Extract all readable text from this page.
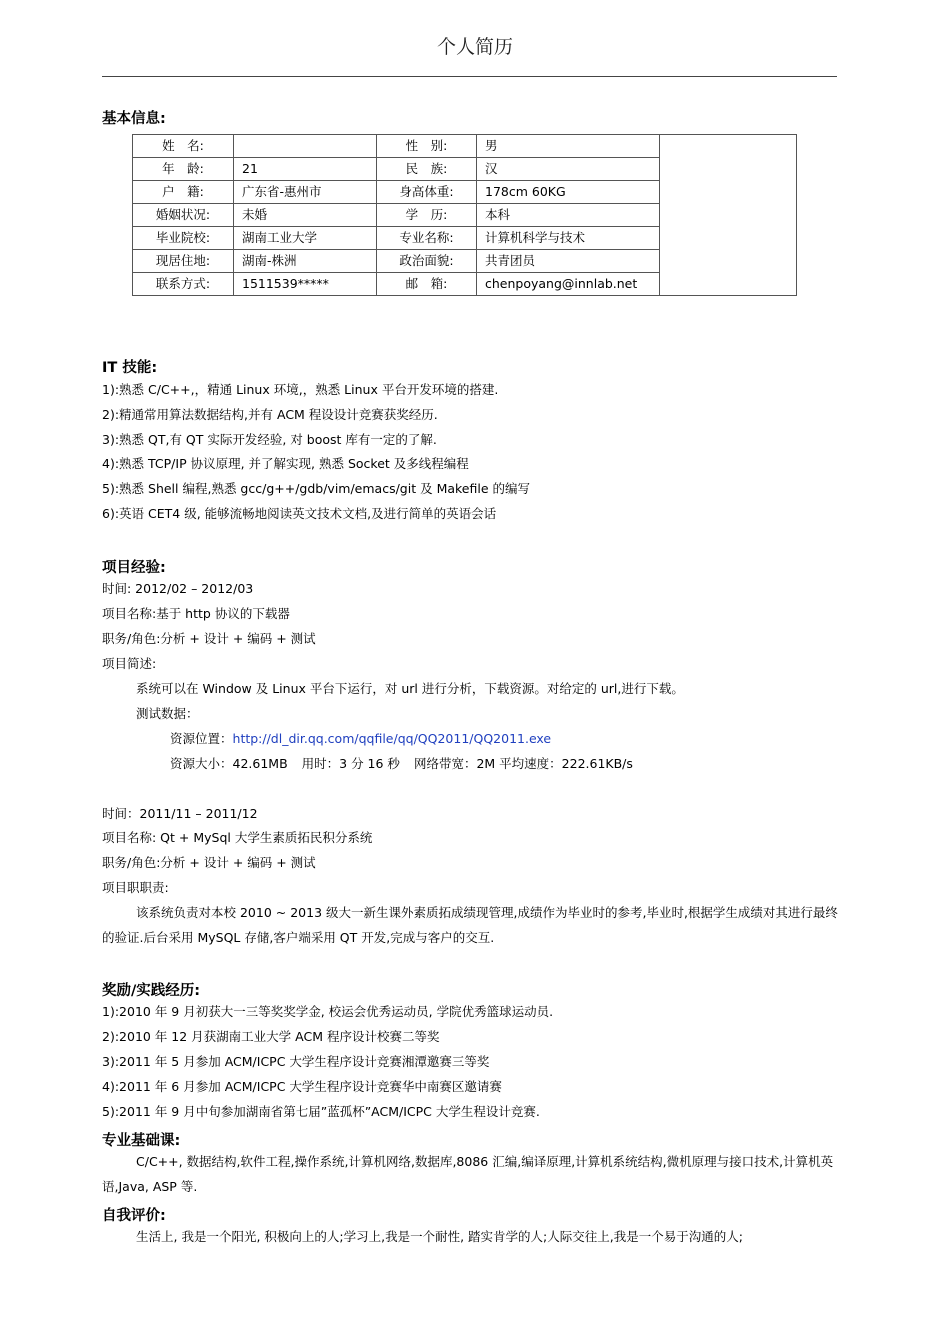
个人简历
基本信息:
姓　名:		性　别:	男	
年　龄:	21	民　族:	汉	
户　籍:	广东省-惠州市	身高体重:	178cm 60KG	
婚姻状况:	未婚	学　历:	本科	
毕业院校:	湖南工业大学	专业名称:	计算机科学与技术	
现居住地:	湖南-株洲	政治面貌:	共青团员	
联系方式:	1511539*****	邮　箱:	chenpoyang@innlab.net	
IT 技能:
1):熟悉 C/C++,，精通 Linux 环境,，熟悉 Linux 平台开发环境的搭建.
2):精通常用算法数据结构,并有 ACM 程设设计竞赛获奖经历.
3):熟悉 QT,有 QT 实际开发经验, 对 boost 库有一定的了解.
4):熟悉 TCP/IP 协议原理, 并了解实现, 熟悉 Socket 及多线程编程
5):熟悉 Shell 编程,熟悉 gcc/g++/gdb/vim/emacs/git 及 Makefile 的编写
6):英语 CET4 级, 能够流畅地阅读英文技术文档,及进行简单的英语会话
项目经验:
时间: 2012/02 – 2012/03
项目名称:基于 http 协议的下载器
职务/角色:分析 + 设计 + 编码 + 测试
项目简述:
系统可以在 Window 及 Linux 平台下运行，对 url 进行分析，下载资源。对给定的 url,进行下载。
测试数据：
资源位置：http://dl_dir.qq.com/qqfile/qq/QQ2011/QQ2011.exe
资源大小：42.61MB 用时：3 分 16 秒 网络带宽：2M 平均速度：222.61KB/s
时间：2011/11 – 2011/12
项目名称: Qt + MySql 大学生素质拓民积分系统
职务/角色:分析 + 设计 + 编码 + 测试
项目职职责:
该系统负责对本校 2010 ~ 2013 级大一新生课外素质拓成绩现管理,成绩作为毕业时的参考,毕业时,根据学生成绩对其进行最终的验证.后台采用 MySQL 存储,客户端采用 QT 开发,完成与客户的交互.
奖励/实践经历:
1):2010 年 9 月初获大一三等奖奖学金, 校运会优秀运动员, 学院优秀篮球运动员.
2):2010 年 12 月获湖南工业大学 ACM 程序设计校赛二等奖
3):2011 年 5 月参加 ACM/ICPC 大学生程序设计竞赛湘潭邀赛三等奖
4):2011 年 6 月参加 ACM/ICPC 大学生程序设计竞赛华中南赛区邀请赛
5):2011 年 9 月中旬参加湖南省第七届”蓝孤杯”ACM/ICPC 大学生程设计竞赛.
专业基础课:
C/C++, 数据结构,软件工程,操作系统,计算机网络,数据库,8086 汇编,编译原理,计算机系统结构,微机原理与接口技术,计算机英语,Java, ASP 等.
自我评价:
生活上, 我是一个阳光, 积极向上的人;学习上,我是一个耐性, 踏实肯学的人;人际交往上,我是一个易于沟通的人;
